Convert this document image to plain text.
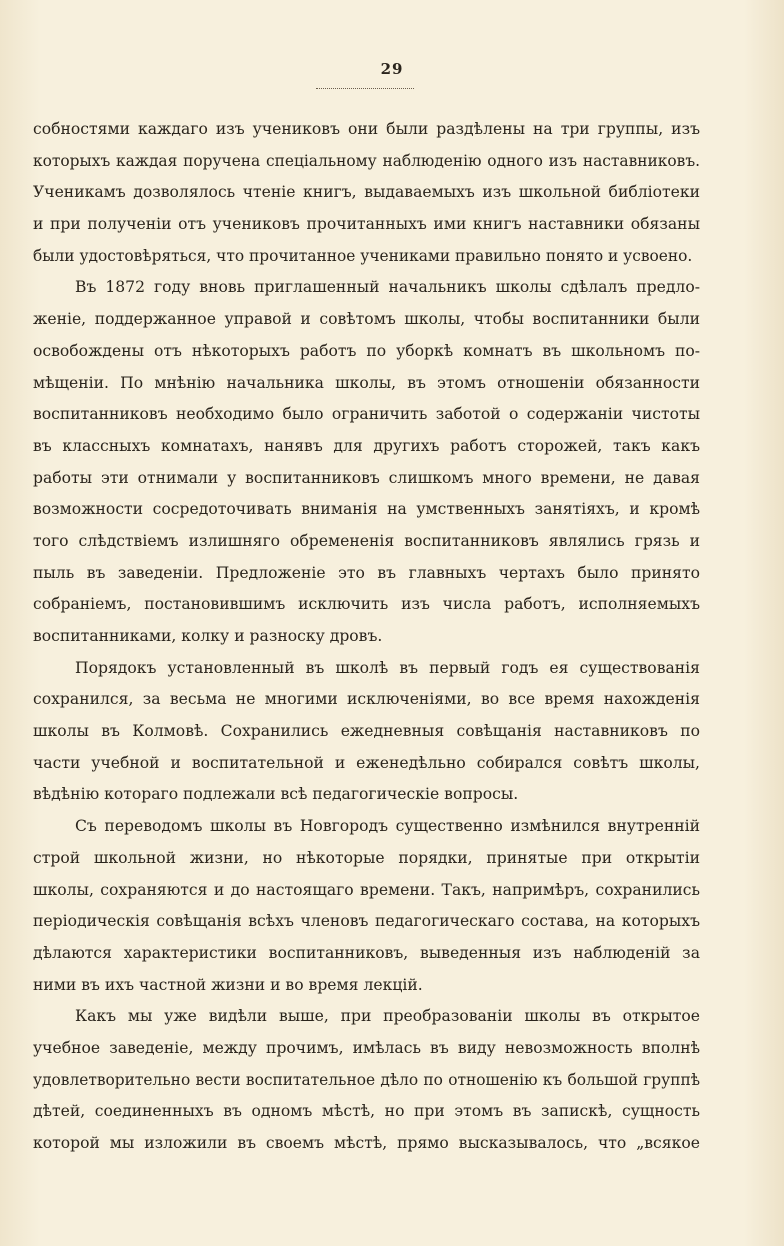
29
собностями каждаго изъ учениковъ они были раздѣлены на три группы, изъ
которыхъ каждая поручена спеціальному наблюденію одного изъ наставниковъ.
Ученикамъ дозволялось чтеніе книгъ, выдаваемыхъ изъ школьной библіотеки
и при полученіи отъ учениковъ прочитанныхъ ими книгъ наставники обязаны
были удостовѣряться, что прочитанное учениками правильно понято и усвоено.
Въ 1872 году вновь приглашенный начальникъ школы сдѣлалъ предло-
женіе, поддержанное управой и совѣтомъ школы, чтобы воспитанники были
освобождены отъ нѣкоторыхъ работъ по уборкѣ комнатъ въ школьномъ по-
мѣщеніи. По мнѣнію начальника школы, въ этомъ отношеніи обязанности
воспитанниковъ необходимо было ограничить заботой о содержаніи чистоты
въ классныхъ комнатахъ, нанявъ для другихъ работъ сторожей, такъ какъ
работы эти отнимали у воспитанниковъ слишкомъ много времени, не давая
возможности сосредоточивать вниманія на умственныхъ занятіяхъ, и кромѣ
того слѣдствіемъ излишняго обремененія воспитанниковъ являлись грязь и
пыль въ заведеніи. Предложеніе это въ главныхъ чертахъ было принято
собраніемъ, постановившимъ исключить изъ числа работъ, исполняемыхъ
воспитанниками, колку и разноску дровъ.
Порядокъ установленный въ школѣ въ первый годъ ея существованія
сохранился, за весьма не многими исключеніями, во все время нахожденія
школы въ Колмовѣ. Сохранились ежедневныя совѣщанія наставниковъ по
части учебной и воспитательной и еженедѣльно собирался совѣтъ школы,
вѣдѣнію котораго подлежали всѣ педагогическіе вопросы.
Съ переводомъ школы въ Новгородъ существенно измѣнился внутренній
строй школьной жизни, но нѣкоторые порядки, принятые при открытіи
школы, сохраняются и до настоящаго времени. Такъ, напримѣръ, сохранились
періодическія совѣщанія всѣхъ членовъ педагогическаго состава, на которыхъ
дѣлаются характеристики воспитанниковъ, выведенныя изъ наблюденій за
ними въ ихъ частной жизни и во время лекцій.
Какъ мы уже видѣли выше, при преобразованіи школы въ открытое
учебное заведеніе, между прочимъ, имѣлась въ виду невозможность вполнѣ
удовлетворительно вести воспитательное дѣло по отношенію къ большой группѣ
дѣтей, соединенныхъ въ одномъ мѣстѣ, но при этомъ въ запискѣ, сущность
которой мы изложили въ своемъ мѣстѣ, прямо высказывалось, что „всякое
